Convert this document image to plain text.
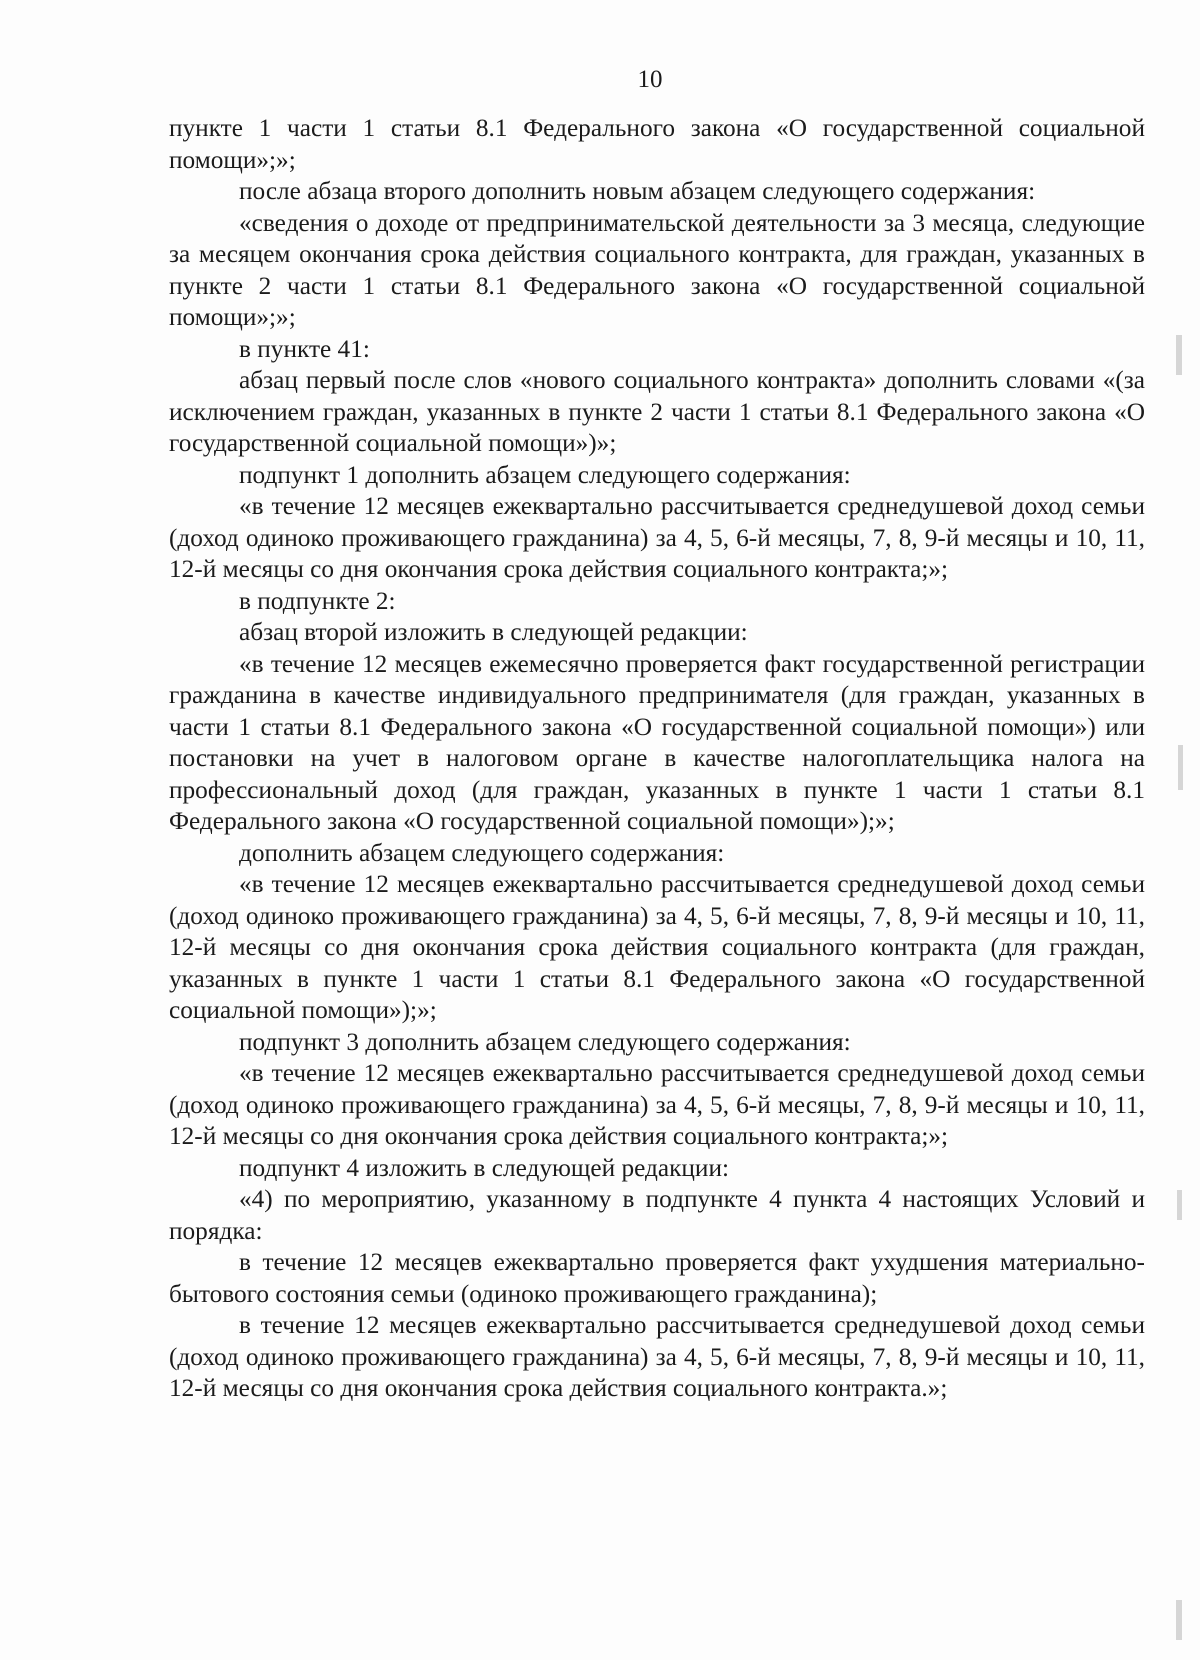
10

пункте 1 части 1 статьи 8.1 Федерального закона «О государственной социальной помощи»;»;

после абзаца второго дополнить новым абзацем следующего содержания:

«сведения о доходе от предпринимательской деятельности за 3 месяца, следующие за месяцем окончания срока действия социального контракта, для граждан, указанных в пункте 2 части 1 статьи 8.1 Федерального закона «О государственной социальной помощи»;»;

в пункте 41:

абзац первый после слов «нового социального контракта» дополнить словами «(за исключением граждан, указанных в пункте 2 части 1 статьи 8.1 Федерального закона «О государственной социальной помощи»)»;

подпункт 1 дополнить абзацем следующего содержания:

«в течение 12 месяцев ежеквартально рассчитывается среднедушевой доход семьи (доход одиноко проживающего гражданина) за 4, 5, 6-й месяцы, 7, 8, 9-й месяцы и 10, 11, 12-й месяцы со дня окончания срока действия социального контракта;»;

в подпункте 2:

абзац второй изложить в следующей редакции:

«в течение 12 месяцев ежемесячно проверяется факт государственной регистрации гражданина в качестве индивидуального предпринимателя (для граждан, указанных в части 1 статьи 8.1 Федерального закона «О государственной социальной помощи») или постановки на учет в налоговом органе в качестве налогоплательщика налога на профессиональный доход (для граждан, указанных в пункте 1 части 1 статьи 8.1 Федерального закона «О государственной социальной помощи»);»;

дополнить абзацем следующего содержания:

«в течение 12 месяцев ежеквартально рассчитывается среднедушевой доход семьи (доход одиноко проживающего гражданина) за 4, 5, 6-й месяцы, 7, 8, 9-й месяцы и 10, 11, 12-й месяцы со дня окончания срока действия социального контракта (для граждан, указанных в пункте 1 части 1 статьи 8.1 Федерального закона «О государственной социальной помощи»);»;

подпункт 3 дополнить абзацем следующего содержания:

«в течение 12 месяцев ежеквартально рассчитывается среднедушевой доход семьи (доход одиноко проживающего гражданина) за 4, 5, 6-й месяцы, 7, 8, 9-й месяцы и 10, 11, 12-й месяцы со дня окончания срока действия социального контракта;»;

подпункт 4 изложить в следующей редакции:

«4) по мероприятию, указанному в подпункте 4 пункта 4 настоящих Условий и порядка:

в течение 12 месяцев ежеквартально проверяется факт ухудшения материально-бытового состояния семьи (одиноко проживающего гражданина);

в течение 12 месяцев ежеквартально рассчитывается среднедушевой доход семьи (доход одиноко проживающего гражданина) за 4, 5, 6-й месяцы, 7, 8, 9-й месяцы и 10, 11, 12-й месяцы со дня окончания срока действия социального контракта.»;
